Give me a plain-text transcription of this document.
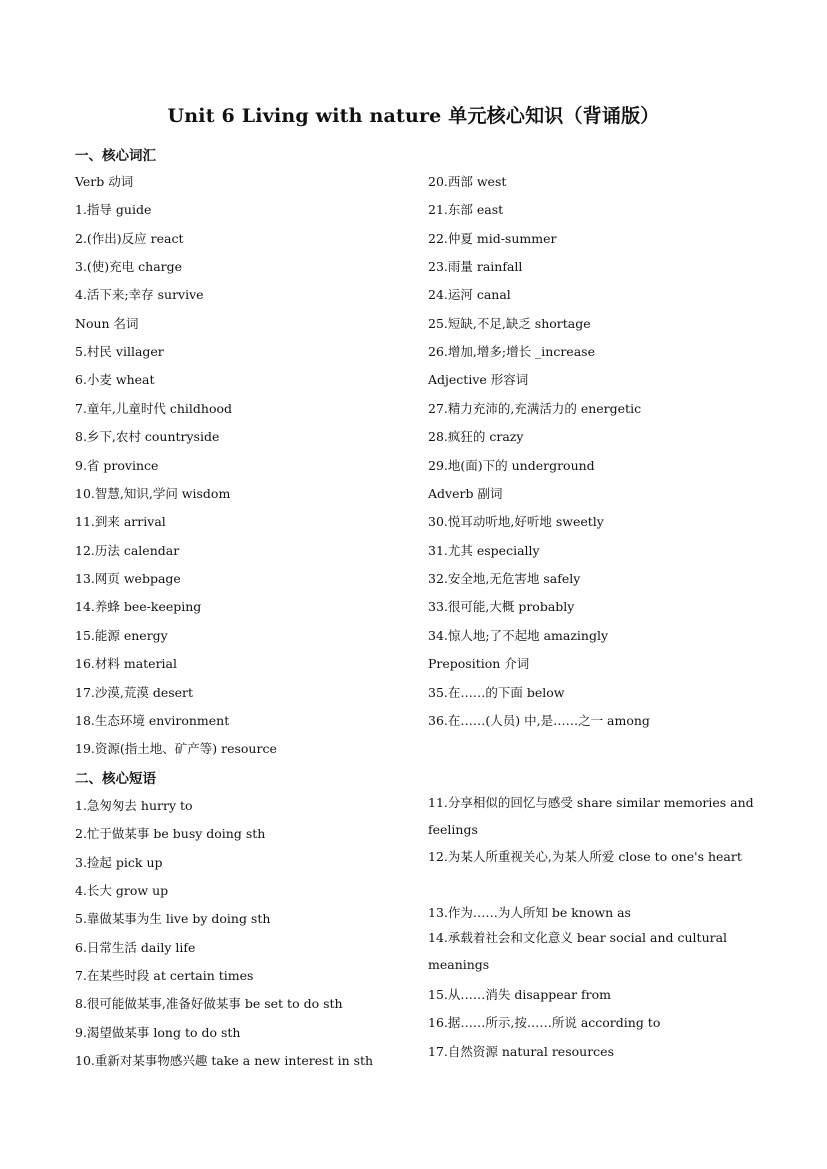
Unit 6 Living with nature 单元核心知识（背诵版）
一、核心词汇
Verb 动词
1.指导 guide
2.(作出)反应 react
3.(使)充电 charge
4.活下来;幸存 survive
Noun 名词
5.村民 villager
6.小麦 wheat
7.童年,儿童时代 childhood
8.乡下,农村 countryside
9.省 province
10.智慧,知识,学问 wisdom
11.到来 arrival
12.历法 calendar
13.网页 webpage
14.养蜂 bee-keeping
15.能源 energy
16.材料 material
17.沙漠,荒漠 desert
18.生态环境 environment
19.资源(指土地、矿产等) resource
20.西部 west
21.东部 east
22.仲夏 mid-summer
23.雨量 rainfall
24.运河 canal
25.短缺,不足,缺乏 shortage
26.增加,增多;增长 _increase
Adjective 形容词
27.精力充沛的,充满活力的 energetic
28.疯狂的 crazy
29.地(面)下的 underground
Adverb 副词
30.悦耳动听地,好听地 sweetly
31.尤其 especially
32.安全地,无危害地 safely
33.很可能,大概 probably
34.惊人地;了不起地 amazingly
Preposition 介词
35.在……的下面 below
36.在……(人员) 中,是……之一 among
二、核心短语
1.急匆匆去 hurry to
2.忙于做某事 be busy doing sth
3.捡起 pick up
4.长大 grow up
5.靠做某事为生 live by doing sth
6.日常生活 daily life
7.在某些时段 at certain times
8.很可能做某事,准备好做某事 be set to do sth
9.渴望做某事 long to do sth
10.重新对某事物感兴趣 take a new interest in sth
11.分享相似的回忆与感受 share similar memories and feelings
12.为某人所重视关心,为某人所爱 close to one's heart
13.作为……为人所知 be known as
14.承载着社会和文化意义 bear social and cultural meanings
15.从……消失 disappear from
16.据……所示,按……所说 according to
17.自然资源 natural resources
